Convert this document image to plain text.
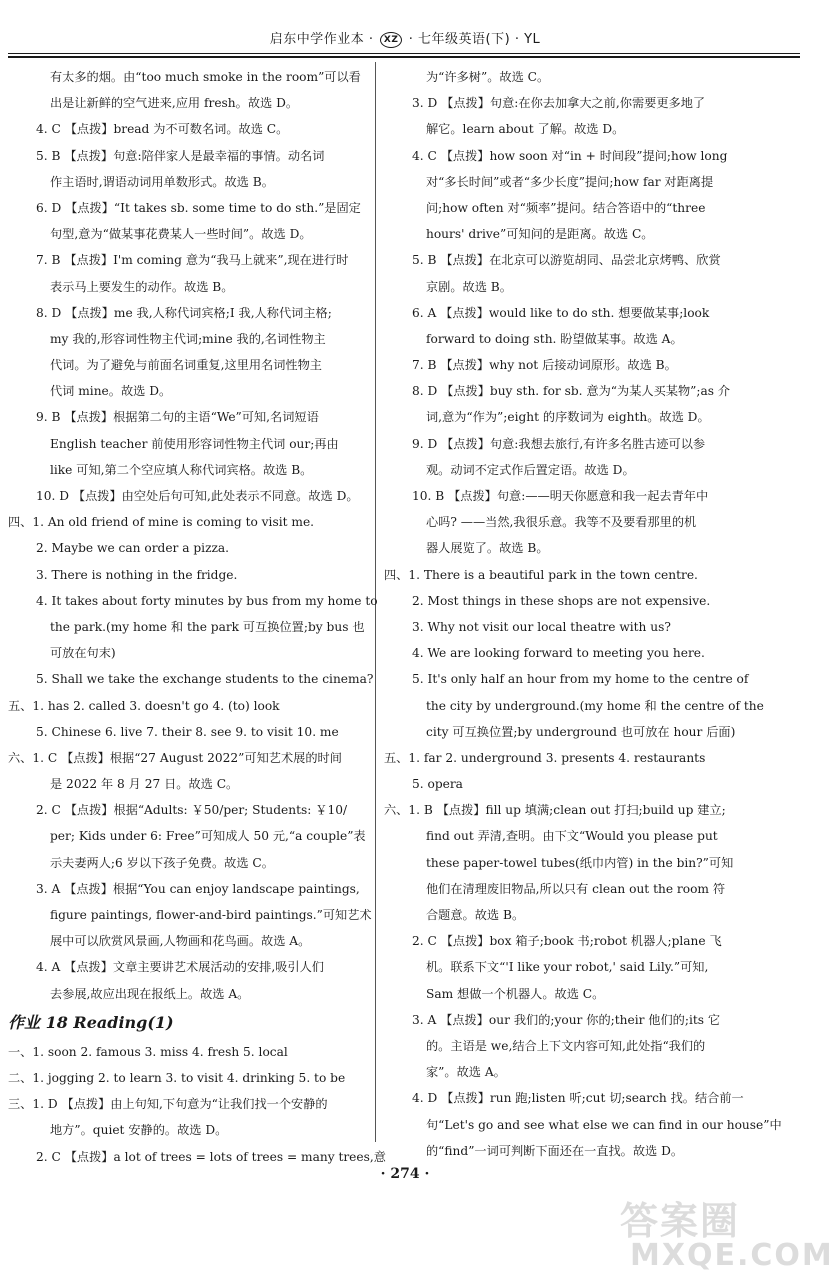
启东中学作业本 · XZ · 七年级英语(下) · YL
有太多的烟。由“too much smoke in the room”可以看
出是让新鲜的空气进来,应用 fresh。故选 D。
4. C 【点拨】bread 为不可数名词。故选 C。
5. B 【点拨】句意:陪伴家人是最幸福的事情。动名词
作主语时,谓语动词用单数形式。故选 B。
6. D 【点拨】“It takes sb. some time to do sth.”是固定
句型,意为“做某事花费某人一些时间”。故选 D。
7. B 【点拨】I'm coming 意为“我马上就来”,现在进行时
表示马上要发生的动作。故选 B。
8. D 【点拨】me 我,人称代词宾格;I 我,人称代词主格;
my 我的,形容词性物主代词;mine 我的,名词性物主
代词。为了避免与前面名词重复,这里用名词性物主
代词 mine。故选 D。
9. B 【点拨】根据第二句的主语“We”可知,名词短语
English teacher 前使用形容词性物主代词 our;再由
like 可知,第二个空应填人称代词宾格。故选 B。
10. D 【点拨】由空处后句可知,此处表示不同意。故选 D。
四、1. An old friend of mine is coming to visit me.
2. Maybe we can order a pizza.
3. There is nothing in the fridge.
4. It takes about forty minutes by bus from my home to
the park.(my home 和 the park 可互换位置;by bus 也
可放在句末)
5. Shall we take the exchange students to the cinema?
五、1. has 2. called 3. doesn't go 4. (to) look
5. Chinese 6. live 7. their 8. see 9. to visit 10. me
六、1. C 【点拨】根据“27 August 2022”可知艺术展的时间
是 2022 年 8 月 27 日。故选 C。
2. C 【点拨】根据“Adults: ￥50/per; Students: ￥10/
per; Kids under 6: Free”可知成人 50 元,“a couple”表
示夫妻两人;6 岁以下孩子免费。故选 C。
3. A 【点拨】根据“You can enjoy landscape paintings,
figure paintings, flower-and-bird paintings.”可知艺术
展中可以欣赏风景画,人物画和花鸟画。故选 A。
4. A 【点拨】文章主要讲艺术展活动的安排,吸引人们
去参展,故应出现在报纸上。故选 A。
作业 18 Reading(1)
一、1. soon 2. famous 3. miss 4. fresh 5. local
二、1. jogging 2. to learn 3. to visit 4. drinking 5. to be
三、1. D 【点拨】由上句知,下句意为“让我们找一个安静的
地方”。quiet 安静的。故选 D。
2. C 【点拨】a lot of trees = lots of trees = many trees,意
为“许多树”。故选 C。
3. D 【点拨】句意:在你去加拿大之前,你需要更多地了
解它。learn about 了解。故选 D。
4. C 【点拨】how soon 对“in + 时间段”提问;how long
对“多长时间”或者“多少长度”提问;how far 对距离提
问;how often 对“频率”提问。结合答语中的“three
hours' drive”可知问的是距离。故选 C。
5. B 【点拨】在北京可以游览胡同、品尝北京烤鸭、欣赏
京剧。故选 B。
6. A 【点拨】would like to do sth. 想要做某事;look
forward to doing sth. 盼望做某事。故选 A。
7. B 【点拨】why not 后接动词原形。故选 B。
8. D 【点拨】buy sth. for sb. 意为“为某人买某物”;as 介
词,意为“作为”;eight 的序数词为 eighth。故选 D。
9. D 【点拨】句意:我想去旅行,有许多名胜古迹可以参
观。动词不定式作后置定语。故选 D。
10. B 【点拨】句意:——明天你愿意和我一起去青年中
心吗? ——当然,我很乐意。我等不及要看那里的机
器人展览了。故选 B。
四、1. There is a beautiful park in the town centre.
2. Most things in these shops are not expensive.
3. Why not visit our local theatre with us?
4. We are looking forward to meeting you here.
5. It's only half an hour from my home to the centre of
the city by underground.(my home 和 the centre of the
city 可互换位置;by underground 也可放在 hour 后面)
五、1. far 2. underground 3. presents 4. restaurants
5. opera
六、1. B 【点拨】fill up 填满;clean out 打扫;build up 建立;
find out 弄清,查明。由下文“Would you please put
these paper-towel tubes(纸巾内管) in the bin?”可知
他们在清理废旧物品,所以只有 clean out the room 符
合题意。故选 B。
2. C 【点拨】box 箱子;book 书;robot 机器人;plane 飞
机。联系下文“'I like your robot,' said Lily.”可知,
Sam 想做一个机器人。故选 C。
3. A 【点拨】our 我们的;your 你的;their 他们的;its 它
的。主语是 we,结合上下文内容可知,此处指“我们的
家”。故选 A。
4. D 【点拨】run 跑;listen 听;cut 切;search 找。结合前一
句“Let's go and see what else we can find in our house”中
的“find”一词可判断下面还在一直找。故选 D。
· 274 ·
答案圈
MXQE.COM
